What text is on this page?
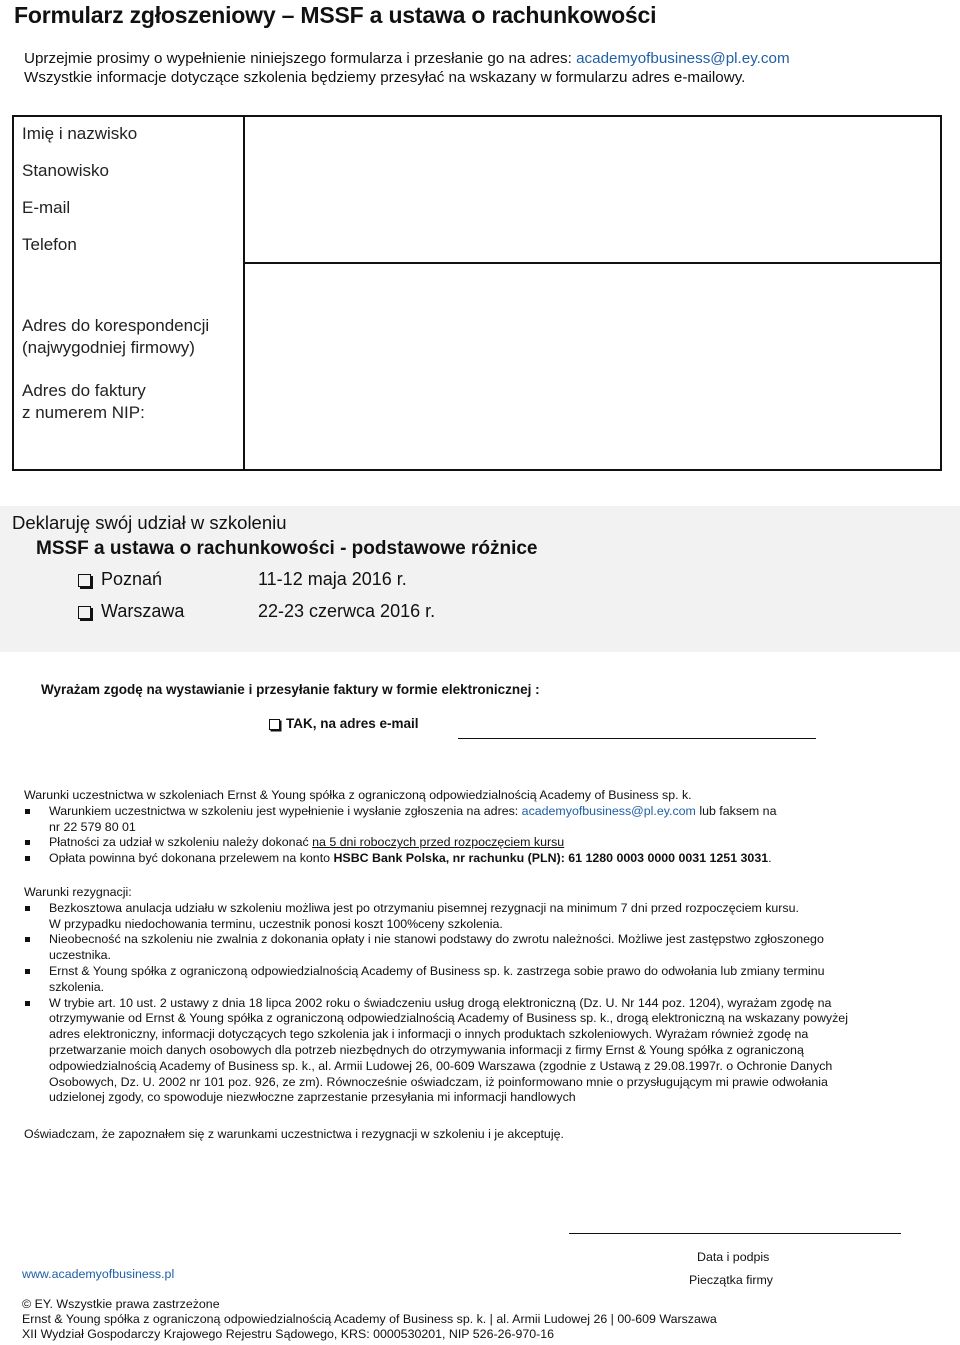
Formularz zgłoszeniowy – MSSF a ustawa o rachunkowości
Uprzejmie prosimy o wypełnienie niniejszego formularza i przesłanie go na adres: academyofbusiness@pl.ey.com
Wszystkie informacje dotyczące szkolenia będziemy przesyłać na wskazany w formularzu adres e-mailowy.
Imię i nazwisko
Stanowisko
E-mail
Telefon
Adres do korespondencji
(najwygodniej firmowy)
Adres do faktury
z numerem NIP:
Deklaruję swój udział w szkoleniu
MSSF a ustawa o rachunkowości - podstawowe różnice
Poznań	11-12 maja 2016 r.
Warszawa	22-23 czerwca 2016 r.
Wyrażam zgodę na wystawianie i przesyłanie faktury w formie elektronicznej :
TAK, na adres e-mail
Warunki uczestnictwa w szkoleniach Ernst & Young spółka z ograniczoną odpowiedzialnością Academy of Business sp. k.
Warunkiem uczestnictwa w szkoleniu jest wypełnienie i wysłanie zgłoszenia na adres: academyofbusiness@pl.ey.com lub faksem na
nr 22 579 80 01
Płatności za udział w szkoleniu należy dokonać na 5 dni roboczych przed rozpoczęciem kursu
Opłata powinna być dokonana przelewem na konto HSBC Bank Polska, nr rachunku (PLN): 61 1280 0003 0000 0031 1251 3031.
Warunki rezygnacji:
Bezkosztowa anulacja udziału w szkoleniu możliwa jest po otrzymaniu pisemnej rezygnacji na minimum 7 dni przed rozpoczęciem kursu.
W przypadku niedochowania terminu, uczestnik ponosi koszt 100%ceny szkolenia.
Nieobecność na szkoleniu nie zwalnia z dokonania opłaty i nie stanowi podstawy do zwrotu należności. Możliwe jest zastępstwo zgłoszonego
uczestnika.
Ernst & Young spółka z ograniczoną odpowiedzialnością Academy of Business sp. k. zastrzega sobie prawo do odwołania lub zmiany terminu
szkolenia.
W trybie art. 10 ust. 2 ustawy z dnia 18 lipca 2002 roku o świadczeniu usług drogą elektroniczną (Dz. U. Nr 144 poz. 1204), wyrażam zgodę na
otrzymywanie od Ernst & Young spółka z ograniczoną odpowiedzialnością Academy of Business sp. k., drogą elektroniczną na wskazany powyżej
adres elektroniczny, informacji dotyczących tego szkolenia jak i informacji o innych produktach szkoleniowych. Wyrażam również zgodę na
przetwarzanie moich danych osobowych dla potrzeb niezbędnych do otrzymywania informacji z firmy Ernst & Young spółka z ograniczoną
odpowiedzialnością Academy of Business sp. k., al. Armii Ludowej 26, 00-609 Warszawa (zgodnie z Ustawą z 29.08.1997r. o Ochronie Danych
Osobowych, Dz. U. 2002 nr 101 poz. 926, ze zm). Równocześnie oświadczam, iż poinformowano mnie o przysługującym mi prawie odwołania
udzielonej zgody, co spowoduje niezwłoczne zaprzestanie przesyłania mi informacji handlowych
Oświadczam, że zapoznałem się z warunkami uczestnictwa i rezygnacji w szkoleniu i je akceptuję.
Data i podpis
Pieczątka firmy
www.academyofbusiness.pl
© EY. Wszystkie prawa zastrzeżone
Ernst & Young spółka z ograniczoną odpowiedzialnością Academy of Business sp. k. | al. Armii Ludowej 26 | 00-609 Warszawa
XII Wydział Gospodarczy Krajowego Rejestru Sądowego, KRS: 0000530201, NIP 526-26-970-16
